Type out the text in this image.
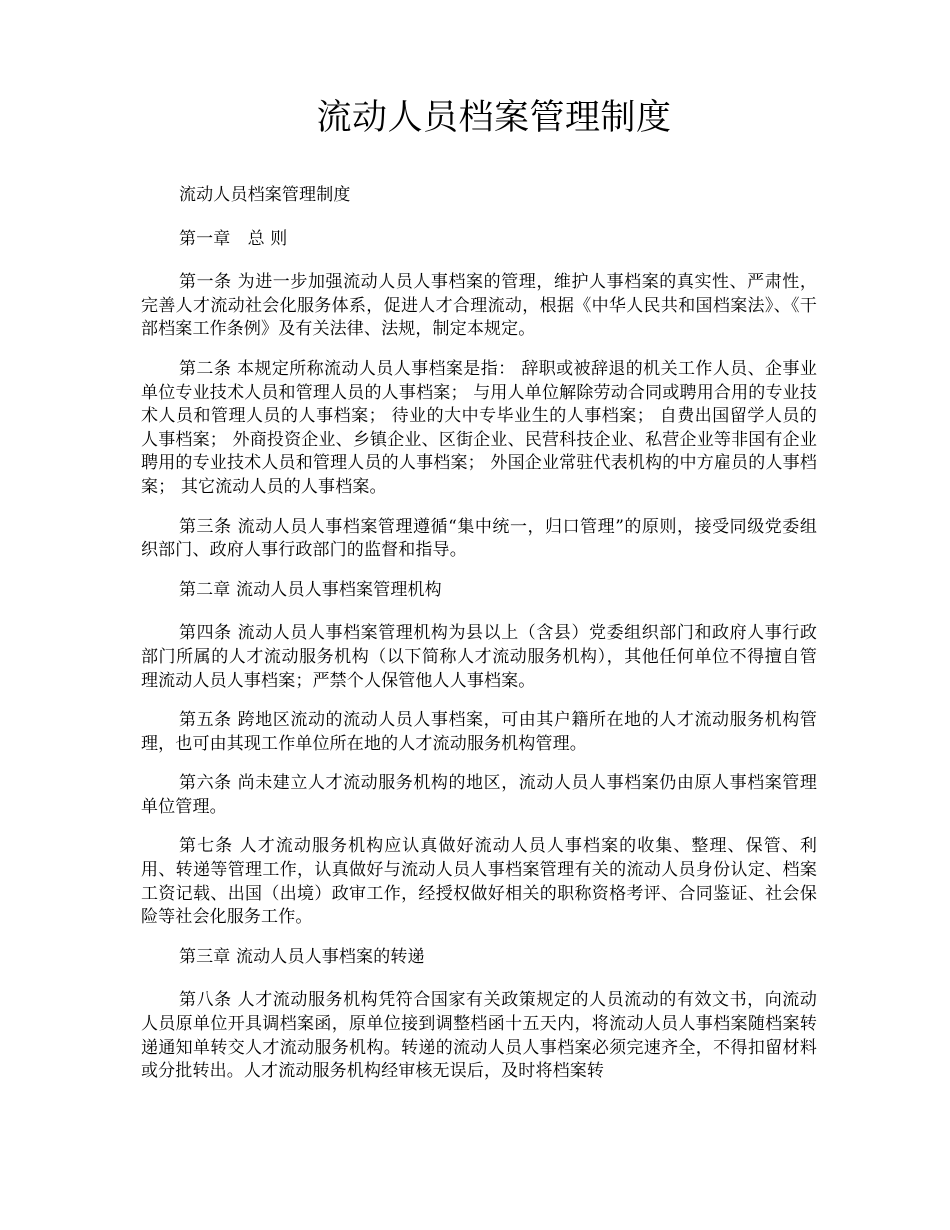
流动人员档案管理制度

流动人员档案管理制度

第一章　总 则

第一条 为进一步加强流动人员人事档案的管理，维护人事档案的真实性、严肃性，完善人才流动社会化服务体系，促进人才合理流动，根据《中华人民共和国档案法》、《干部档案工作条例》及有关法律、法规，制定本规定。

第二条 本规定所称流动人员人事档案是指： 辞职或被辞退的机关工作人员、企事业单位专业技术人员和管理人员的人事档案； 与用人单位解除劳动合同或聘用合用的专业技术人员和管理人员的人事档案； 待业的大中专毕业生的人事档案； 自费出国留学人员的人事档案； 外商投资企业、乡镇企业、区街企业、民营科技企业、私营企业等非国有企业聘用的专业技术人员和管理人员的人事档案； 外国企业常驻代表机构的中方雇员的人事档案； 其它流动人员的人事档案。

第三条 流动人员人事档案管理遵循“集中统一，归口管理”的原则，接受同级党委组织部门、政府人事行政部门的监督和指导。

第二章 流动人员人事档案管理机构

第四条 流动人员人事档案管理机构为县以上（含县）党委组织部门和政府人事行政部门所属的人才流动服务机构（以下简称人才流动服务机构），其他任何单位不得擅自管理流动人员人事档案；严禁个人保管他人人事档案。

第五条 跨地区流动的流动人员人事档案，可由其户籍所在地的人才流动服务机构管理，也可由其现工作单位所在地的人才流动服务机构管理。

第六条 尚未建立人才流动服务机构的地区，流动人员人事档案仍由原人事档案管理单位管理。

第七条 人才流动服务机构应认真做好流动人员人事档案的收集、整理、保管、利用、转递等管理工作，认真做好与流动人员人事档案管理有关的流动人员身份认定、档案工资记载、出国（出境）政审工作，经授权做好相关的职称资格考评、合同鉴证、社会保险等社会化服务工作。

第三章 流动人员人事档案的转递

第八条 人才流动服务机构凭符合国家有关政策规定的人员流动的有效文书，向流动人员原单位开具调档案函，原单位接到调整档函十五天内，将流动人员人事档案随档案转递通知单转交人才流动服务机构。转递的流动人员人事档案必须完速齐全，不得扣留材料或分批转出。人才流动服务机构经审核无误后，及时将档案转
